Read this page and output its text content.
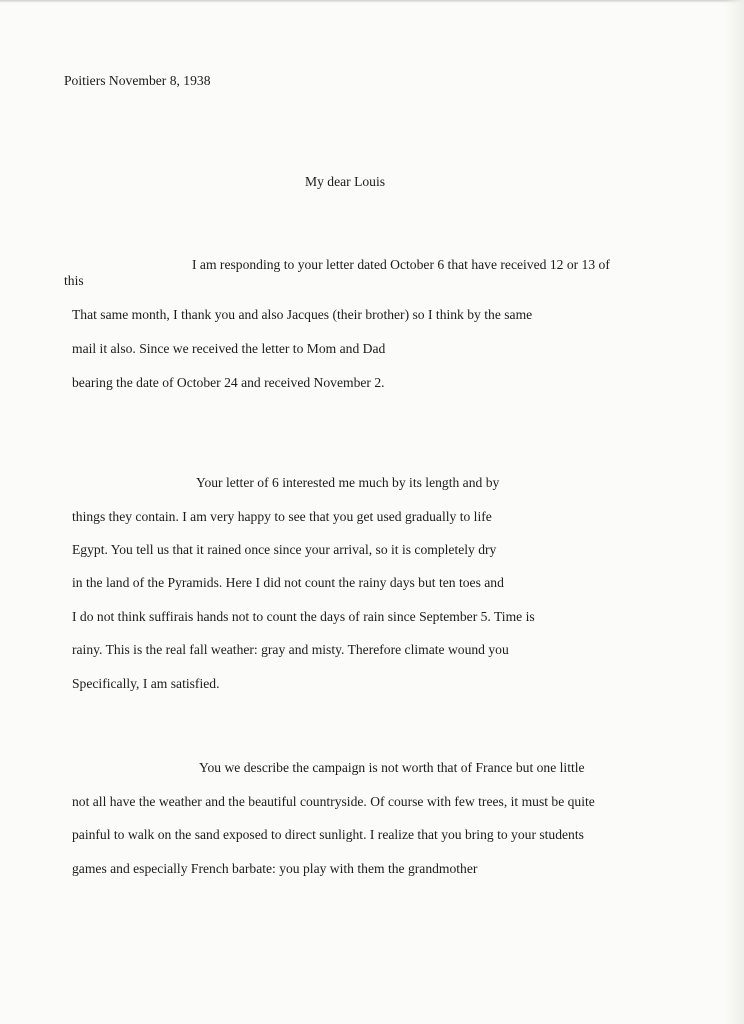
Poitiers November 8, 1938

My dear Louis

I am responding to your letter dated October 6 that have received 12 or 13 of

this

That same month, I thank you and also Jacques (their brother) so I think by the same

mail it also. Since we received the letter to Mom and Dad

bearing the date of October 24 and received November 2.

Your letter of 6 interested me much by its length and by

things they contain. I am very happy to see that you get used gradually to life

Egypt. You tell us that it rained once since your arrival, so it is completely dry

in the land of the Pyramids. Here I did not count the rainy days but ten toes and

I do not think suffirais hands not to count the days of rain since September 5. Time is

rainy. This is the real fall weather: gray and misty. Therefore climate wound you

Specifically, I am satisfied.

You we describe the campaign is not worth that of France but one little

not all have the weather and the beautiful countryside. Of course with few trees, it must be quite

painful to walk on the sand exposed to direct sunlight. I realize that you bring to your students

games and especially French barbate: you play with them the grandmother
